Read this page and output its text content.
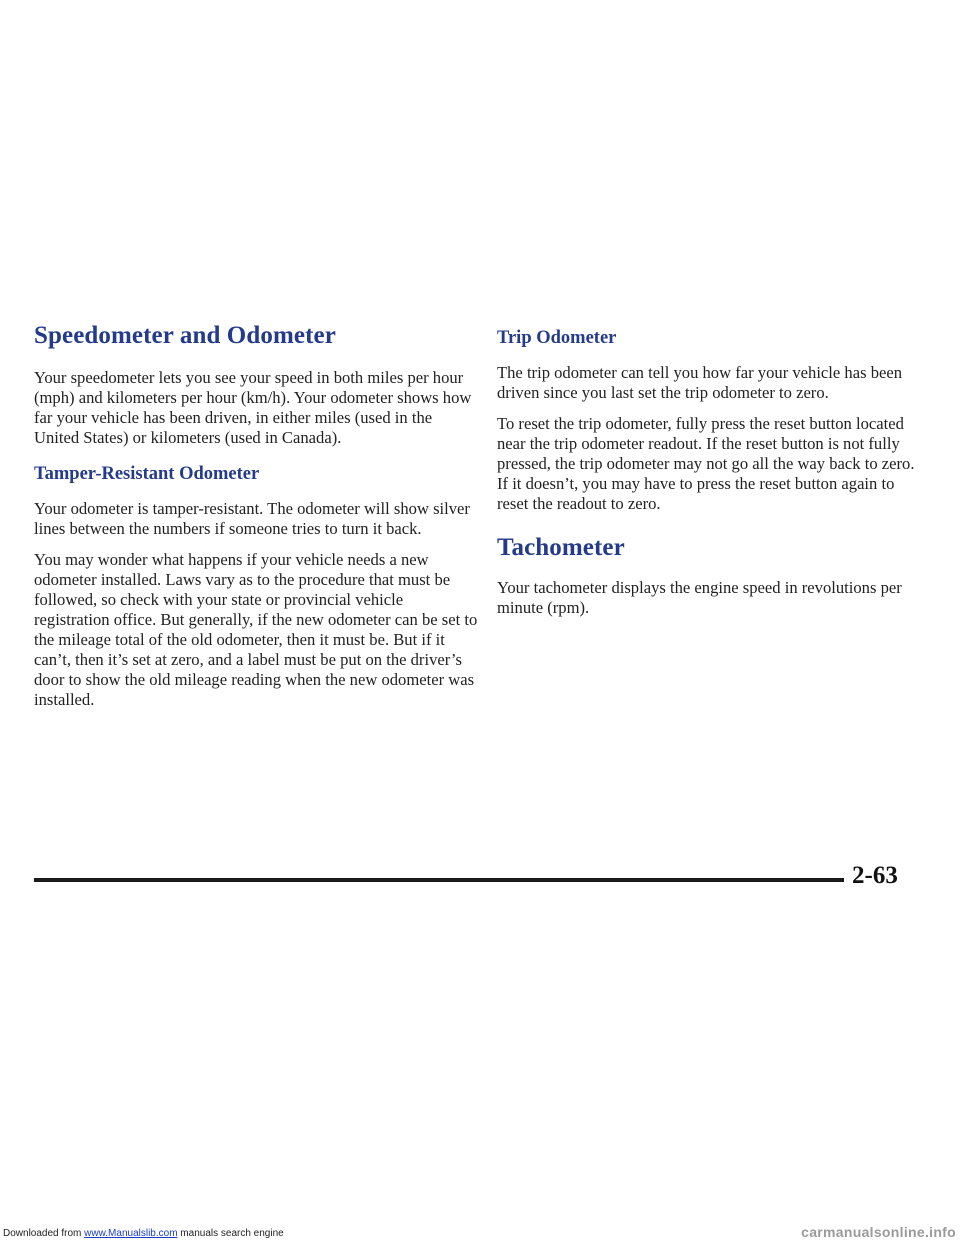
Speedometer and Odometer

Your speedometer lets you see your speed in both miles per hour (mph) and kilometers per hour (km/h). Your odometer shows how far your vehicle has been driven, in either miles (used in the United States) or kilometers (used in Canada).

Tamper-Resistant Odometer

Your odometer is tamper-resistant. The odometer will show silver lines between the numbers if someone tries to turn it back.

You may wonder what happens if your vehicle needs a new odometer installed. Laws vary as to the procedure that must be followed, so check with your state or provincial vehicle registration office. But generally, if the new odometer can be set to the mileage total of the old odometer, then it must be. But if it can’t, then it’s set at zero, and a label must be put on the driver’s door to show the old mileage reading when the new odometer was installed.

Trip Odometer

The trip odometer can tell you how far your vehicle has been driven since you last set the trip odometer to zero.

To reset the trip odometer, fully press the reset button located near the trip odometer readout. If the reset button is not fully pressed, the trip odometer may not go all the way back to zero. If it doesn’t, you may have to press the reset button again to reset the readout to zero.

Tachometer

Your tachometer displays the engine speed in revolutions per minute (rpm).

2-63
Downloaded from www.Manualslib.com manuals search engine	carmanualsonline.info
